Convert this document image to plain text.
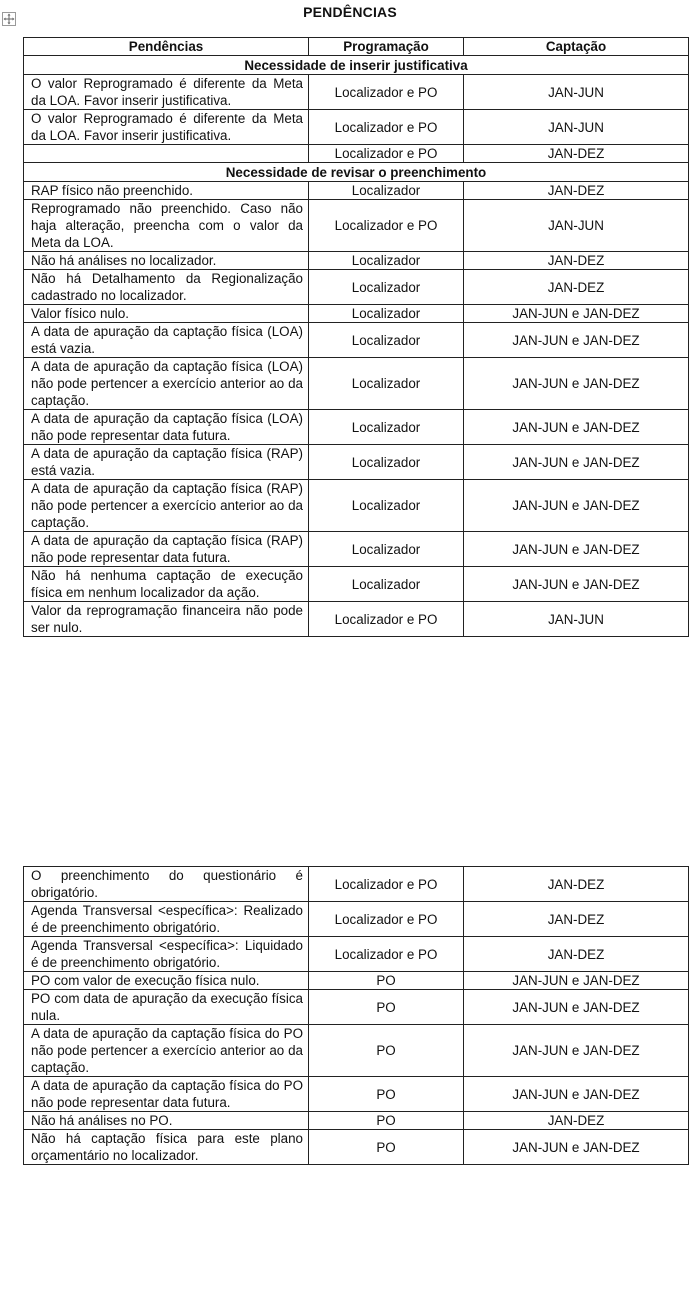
PENDÊNCIAS
Pendências	Programação	Captação
Necessidade de inserir justificativa		
O valor Reprogramado é diferente da Meta da LOA. Favor inserir justificativa.	Localizador e PO	JAN-JUN
O valor Reprogramado é diferente da Meta da LOA. Favor inserir justificativa.	Localizador e PO	JAN-JUN
	Localizador e PO	JAN-DEZ
Necessidade de revisar o preenchimento		
RAP físico não preenchido.	Localizador	JAN-DEZ
Reprogramado não preenchido. Caso não haja alteração, preencha com o valor da Meta da LOA.	Localizador e PO	JAN-JUN
Não há análises no localizador.	Localizador	JAN-DEZ
Não há Detalhamento da Regionalização cadastrado no localizador.	Localizador	JAN-DEZ
Valor físico nulo.	Localizador	JAN-JUN e JAN-DEZ
A data de apuração da captação física (LOA) está vazia.	Localizador	JAN-JUN e JAN-DEZ
A data de apuração da captação física (LOA) não pode pertencer a exercício anterior ao da captação.	Localizador	JAN-JUN e JAN-DEZ
A data de apuração da captação física (LOA) não pode representar data futura.	Localizador	JAN-JUN e JAN-DEZ
A data de apuração da captação física (RAP) está vazia.	Localizador	JAN-JUN e JAN-DEZ
A data de apuração da captação física (RAP) não pode pertencer a exercício anterior ao da captação.	Localizador	JAN-JUN e JAN-DEZ
A data de apuração da captação física (RAP) não pode representar data futura.	Localizador	JAN-JUN e JAN-DEZ
Não há nenhuma captação de execução física em nenhum localizador da ação.	Localizador	JAN-JUN e JAN-DEZ
Valor da reprogramação financeira não pode ser nulo.	Localizador e PO	JAN-JUN
O preenchimento do questionário é obrigatório.	Localizador e PO	JAN-DEZ
Agenda Transversal <específica>: Realizado é de preenchimento obrigatório.	Localizador e PO	JAN-DEZ
Agenda Transversal <específica>: Liquidado é de preenchimento obrigatório.	Localizador e PO	JAN-DEZ
PO com valor de execução física nulo.	PO	JAN-JUN e JAN-DEZ
PO com data de apuração da execução física nula.	PO	JAN-JUN e JAN-DEZ
A data de apuração da captação física do PO não pode pertencer a exercício anterior ao da captação.	PO	JAN-JUN e JAN-DEZ
A data de apuração da captação física do PO não pode representar data futura.	PO	JAN-JUN e JAN-DEZ
Não há análises no PO.	PO	JAN-DEZ
Não há captação física para este plano orçamentário no localizador.	PO	JAN-JUN e JAN-DEZ
